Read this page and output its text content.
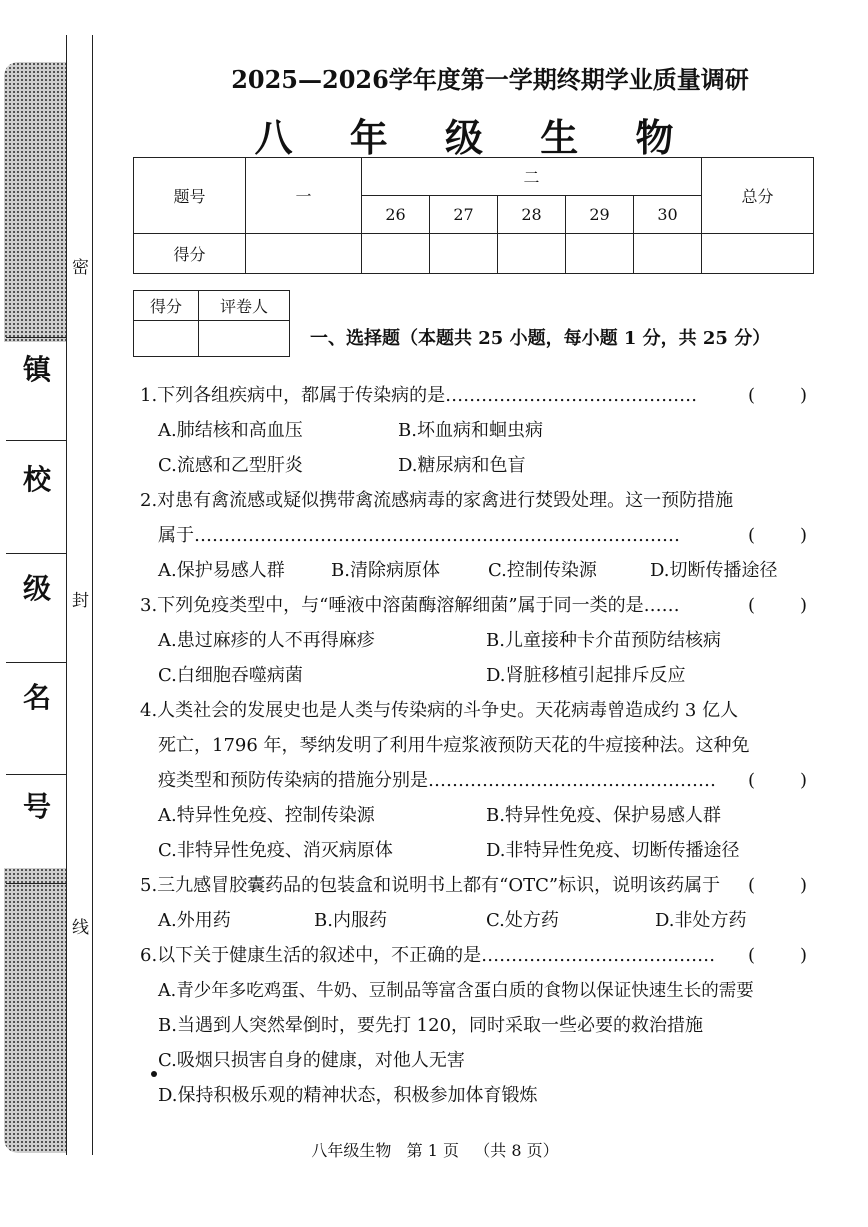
镇
校
级
名
号
密
封
线
2025—2026学年度第一学期终期学业质量调研
八 年 级 生 物
题号	一	二					总分
		26	27	28	29	30	
得分							
得分	评卷人

一、选择题（本题共 25 小题，每小题 1 分，共 25 分）
1.下列各组疾病中，都属于传染病的是……………………………………	( )
A.肺结核和高血压	B.坏血病和蛔虫病
C.流感和乙型肝炎	D.糖尿病和色盲
2.对患有禽流感或疑似携带禽流感病毒的家禽进行焚毁处理。这一预防措施
属于………………………………………………………………………	( )
A.保护易感人群	B.清除病原体	C.控制传染源	D.切断传播途径
3.下列免疫类型中，与“唾液中溶菌酶溶解细菌”属于同一类的是……	( )
A.患过麻疹的人不再得麻疹	B.儿童接种卡介苗预防结核病
C.白细胞吞噬病菌	D.肾脏移植引起排斥反应
4.人类社会的发展史也是人类与传染病的斗争史。天花病毒曾造成约 3 亿人
死亡，1796 年，琴纳发明了利用牛痘浆液预防天花的牛痘接种法。这种免
疫类型和预防传染病的措施分别是………………………………………… ( )
A.特异性免疫、控制传染源	B.特异性免疫、保护易感人群
C.非特异性免疫、消灭病原体	D.非特异性免疫、切断传播途径
5.三九感冒胶囊药品的包装盒和说明书上都有“OTC”标识，说明该药属于 ( )
A.外用药	B.内服药	C.处方药	D.非处方药
6.以下关于健康生活的叙述中，不正确的是………………………………… ( )
A.青少年多吃鸡蛋、牛奶、豆制品等富含蛋白质的食物以保证快速生长的需要
B.当遇到人突然晕倒时，要先打 120，同时采取一些必要的救治措施
C.吸烟只损害自身的健康，对他人无害
D.保持积极乐观的精神状态，积极参加体育锻炼
八年级生物   第 1 页   （共 8 页）
